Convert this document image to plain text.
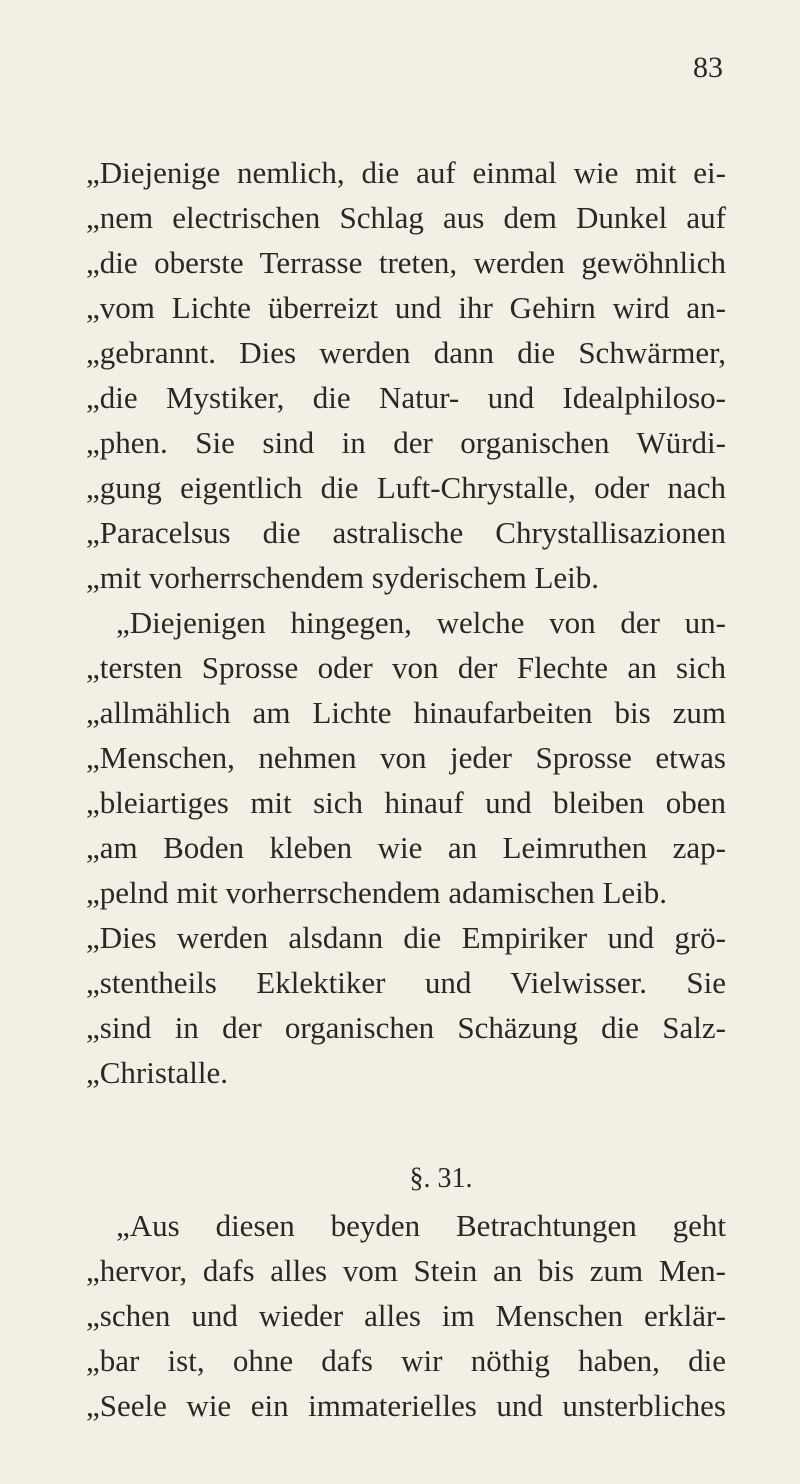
83
„Diejenige nemlich, die auf einmal wie mit ei-
„nem electrischen Schlag aus dem Dunkel auf
„die oberste Terrasse treten, werden gewöhnlich
„vom Lichte überreizt und ihr Gehirn wird an-
„gebrannt. Dies werden dann die Schwärmer,
„die Mystiker, die Natur- und Idealphiloso-
„phen. Sie sind in der organischen Würdi-
„gung eigentlich die Luft-Chrystalle, oder nach
„Paracelsus die astralische Chrystallisazionen
„mit vorherrschendem syderischem Leib.
„Diejenigen hingegen, welche von der un-
„tersten Sprosse oder von der Flechte an sich
„allmählich am Lichte hinaufarbeiten bis zum
„Menschen, nehmen von jeder Sprosse etwas
„bleiartiges mit sich hinauf und bleiben oben
„am Boden kleben wie an Leimruthen zap-
„pelnd mit vorherrschendem adamischen Leib.
„Dies werden alsdann die Empiriker und grö-
„stentheils Eklektiker und Vielwisser. Sie
„sind in der organischen Schäzung die Salz-
„Christalle.
§. 31.
„Aus diesen beyden Betrachtungen geht
„hervor, dafs alles vom Stein an bis zum Men-
„schen und wieder alles im Menschen erklär-
„bar ist, ohne dafs wir nöthig haben, die
„Seele wie ein immaterielles und unsterbliches
